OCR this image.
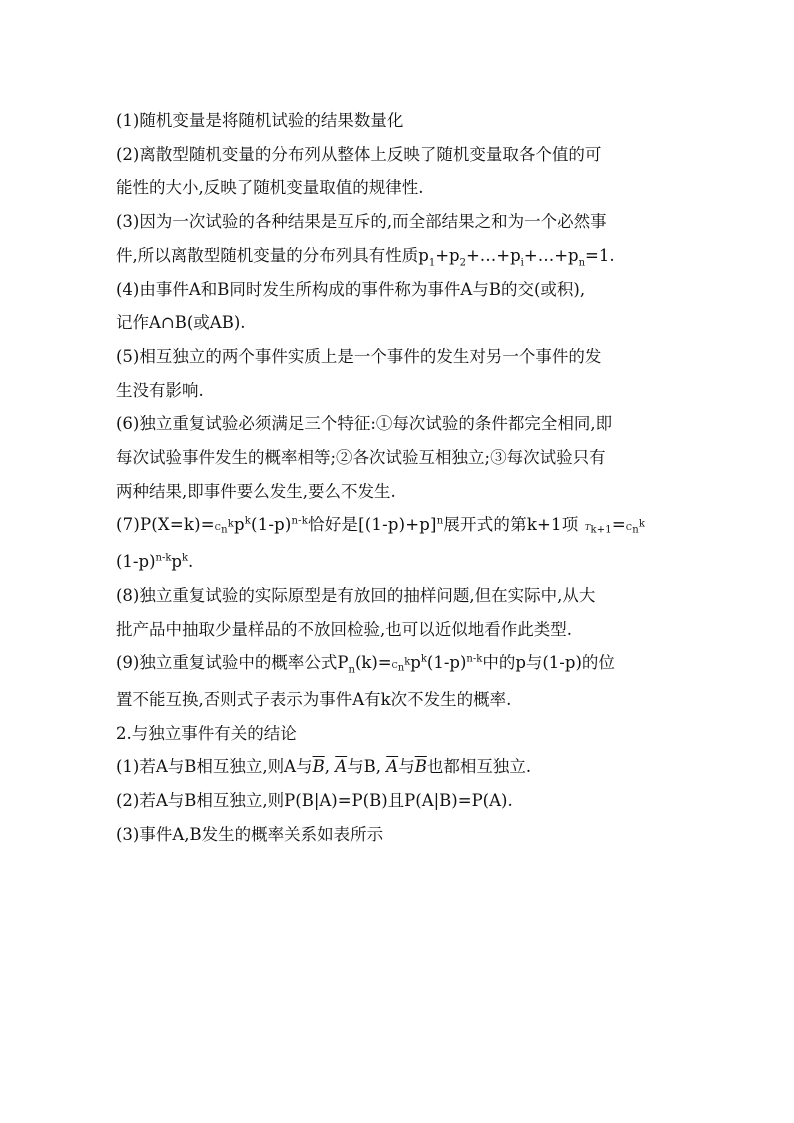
(1)随机变量是将随机试验的结果数量化

(2)离散型随机变量的分布列从整体上反映了随机变量取各个值的可
能性的大小,反映了随机变量取值的规律性.

(3)因为一次试验的各种结果是互斥的,而全部结果之和为一个必然事
件,所以离散型随机变量的分布列具有性质$p_1+p_2+\dots+p_i+\dots+p_n=1$.

(4)由事件A和B同时发生所构成的事件称为事件A与B的交(或积),
记作A∩B(或AB).

(5)相互独立的两个事件实质上是一个事件的发生对另一个事件的发
生没有影响.

(6)独立重复试验必须满足三个特征:①每次试验的条件都完全相同,即
每次试验事件发生的概率相等;②各次试验互相独立;③每次试验只有
两种结果,即事件要么发生,要么不发生.

$(7)P(X=k)=C_n^kp^k(1-p)^{n-k}$恰好是$[(1-p)+p]^n$展开式的第k+1项 $T_{k+1}=C_n^k$
$(1-p)^{n-k}p^k$.

(8)独立重复试验的实际原型是有放回的抽样问题,但在实际中,从大
批产品中抽取少量样品的不放回检验,也可以近似地看作此类型.

(9)独立重复试验中的概率公式$P_n(k)=C_n^kp^k(1-p)^{n-k}$中的p与(1-p)的位
置不能互换,否则式子表示为事件A有k次不发生的概率.

2.与独立事件有关的结论

(1)若A与B相互独立,则A与$\overline{B}$, $\overline{A}$与B, $\overline{A}$与$\overline{B}$也都相互独立.

(2)若A与B相互独立,则P(B|A)=P(B)且P(A|B)=P(A).

(3)事件A,B发生的概率关系如表所示
